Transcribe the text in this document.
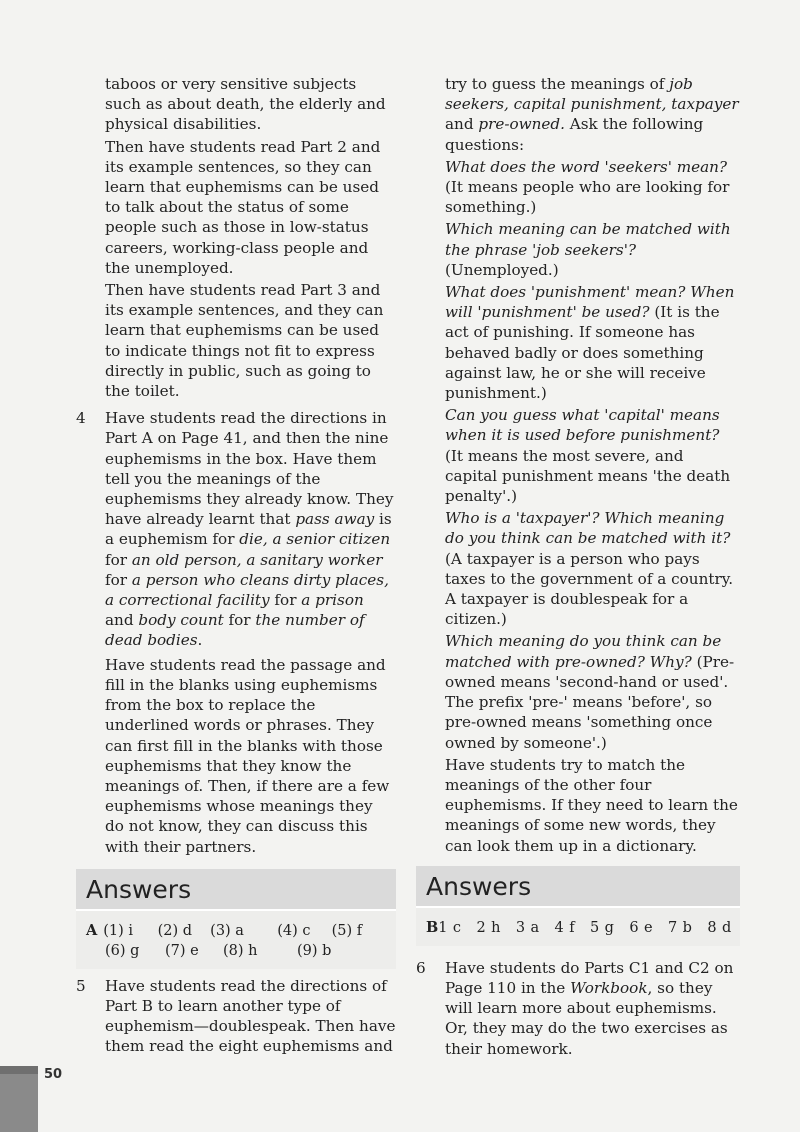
taboos or very sensitive subjects such as about death, the elderly and physical disabilities.

Then have students read Part 2 and its example sentences, so they can learn that euphemisms can be used to talk about the status of some people such as those in low-status careers, working-class people and the unemployed.

Then have students read Part 3 and its example sentences, and they can learn that euphemisms can be used to indicate things not fit to express directly in public, such as going to the toilet.

4	Have students read the directions in Part A on Page 41, and then the nine euphemisms in the box. Have them tell you the meanings of the euphemisms they already know. They have already learnt that pass away is a euphemism for die, a senior citizen for an old person, a sanitary worker for a person who cleans dirty places, a correctional facility for a prison and body count for the number of dead bodies.

Have students read the passage and fill in the blanks using euphemisms from the box to replace the underlined words or phrases. They can first fill in the blanks with those euphemisms that they know the meanings of. Then, if there are a few euphemisms whose meanings they do not know, they can discuss this with their partners.

Answers
A (1) i	(2) d	(3) a	(4) c	(5) f
(6) g	(7) e	(8) h	(9) b
5	Have students read the directions of Part B to learn another type of euphemism—doublespeak. Then have them read the eight euphemisms and

try to guess the meanings of job seekers, capital punishment, taxpayer and pre-owned. Ask the following questions:

What does the word 'seekers' mean? (It means people who are looking for something.)

Which meaning can be matched with the phrase 'job seekers'? (Unemployed.)

What does 'punishment' mean? When will 'punishment' be used? (It is the act of punishing. If someone has behaved badly or does something against law, he or she will receive punishment.)

Can you guess what 'capital' means when it is used before punishment? (It means the most severe, and capital punishment means 'the death penalty'.)

Who is a 'taxpayer'? Which meaning do you think can be matched with it? (A taxpayer is a person who pays taxes to the government of a country. A taxpayer is doublespeak for a citizen.)

Which meaning do you think can be matched with pre-owned? Why? (Pre-owned means 'second-hand or used'. The prefix 'pre-' means 'before', so pre-owned means 'something once owned by someone'.)

Have students try to match the meanings of the other four euphemisms. If they need to learn the meanings of some new words, they can look them up in a dictionary.

Answers
B 1 c   2 h   3 a   4 f   5 g   6 e   7 b   8 d
6	Have students do Parts C1 and C2 on Page 110 in the Workbook, so they will learn more about euphemisms. Or, they may do the two exercises as their homework.
50
